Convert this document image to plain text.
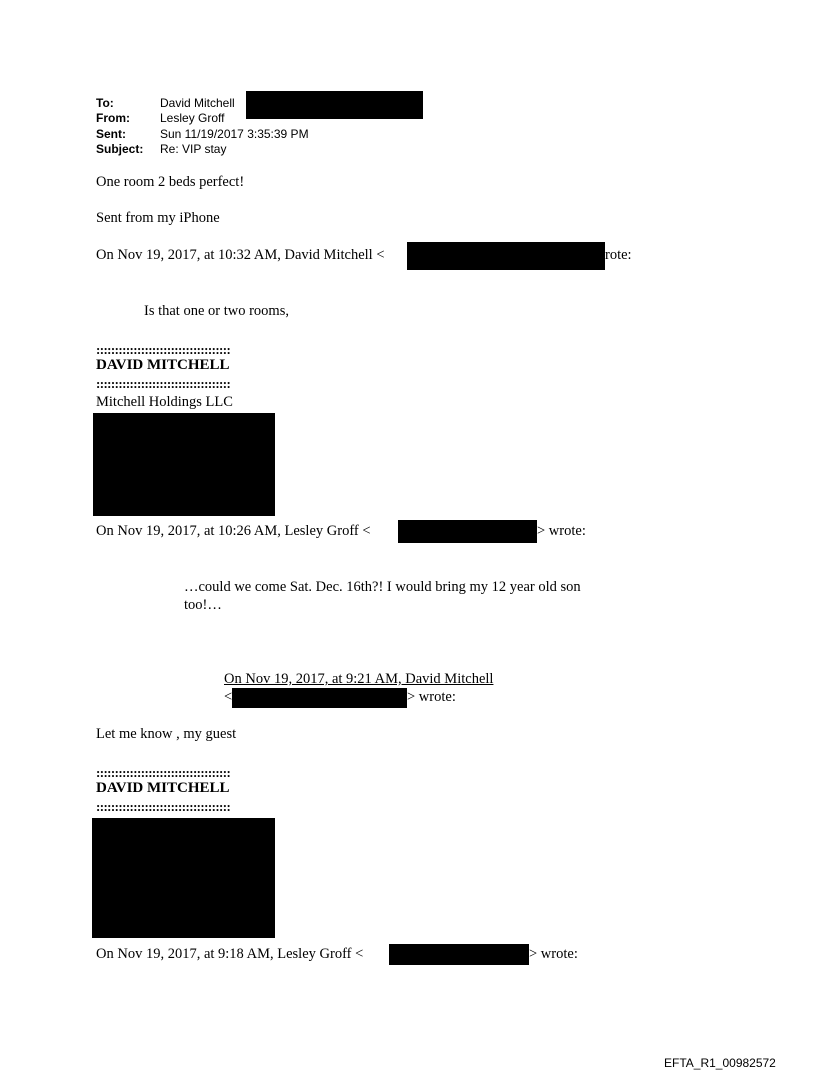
To:	David Mitchell
From:	Lesley Groff
Sent:	Sun 11/19/2017 3:35:39 PM
Subject: Re: VIP stay
One room 2 beds perfect!
Sent from my iPhone
On Nov 19, 2017, at 10:32 AM, David Mitchell <	rote:
Is that one or two rooms,
::::::::::::::::::::::::::::::::::::
DAVID MITCHELL
::::::::::::::::::::::::::::::::::::
Mitchell Holdings LLC
On Nov 19, 2017, at 10:26 AM, Lesley Groff <	> wrote:
…could we come Sat. Dec. 16th?! I would bring my 12 year old son
too!…
On Nov 19, 2017, at 9:21 AM, David Mitchell
<	> wrote:
Let me know , my guest
::::::::::::::::::::::::::::::::::::
DAVID MITCHELL
::::::::::::::::::::::::::::::::::::
On Nov 19, 2017, at 9:18 AM, Lesley Groff <	> wrote:
EFTA_R1_00982572
